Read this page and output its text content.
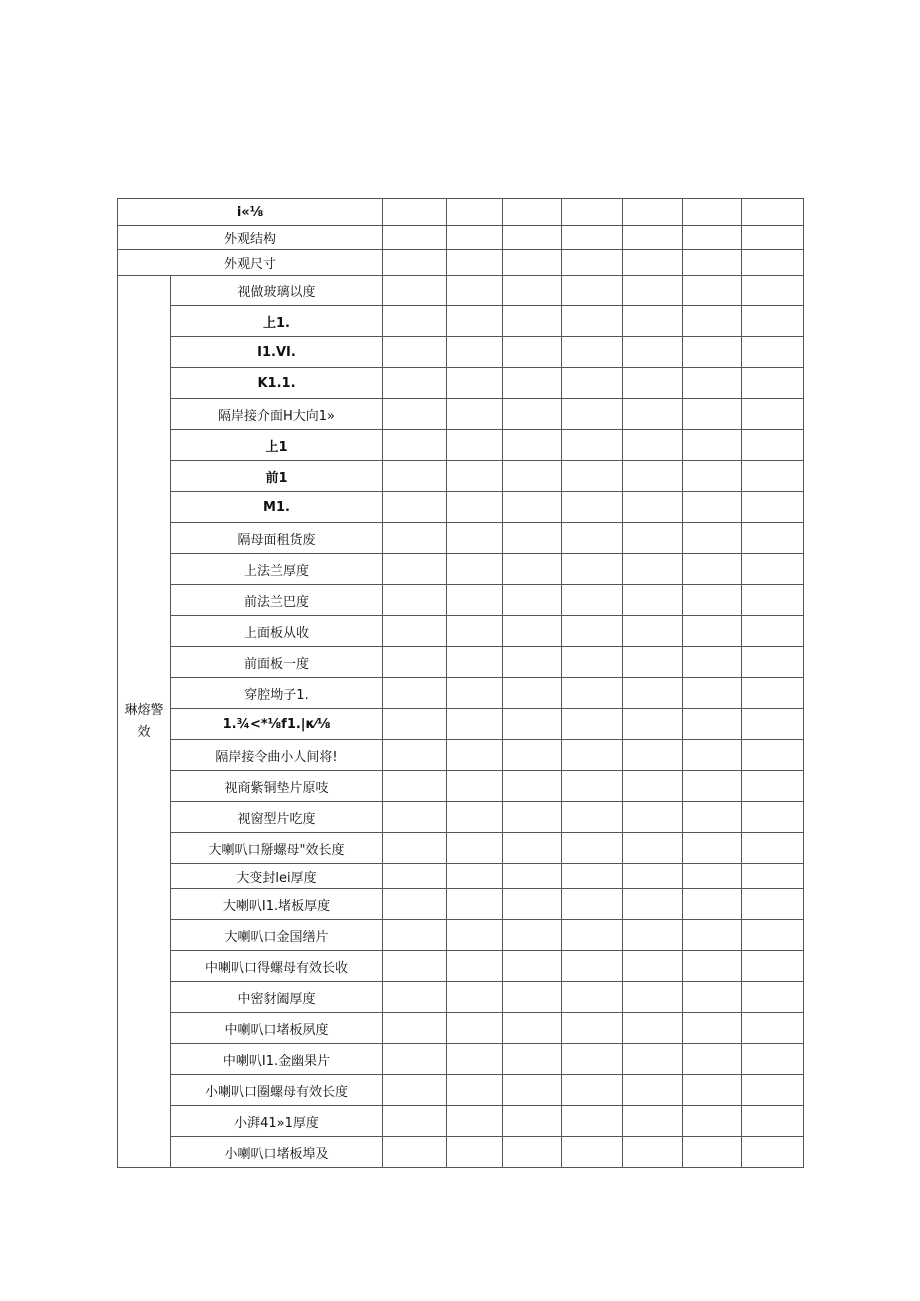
i«⅛								
外观结构								
外观尺寸								
琳熔警效	视做玻璃以度							
	上1.							
	I1.VI.							
	K1.1.							
	隔岸接介面H大向1»							
	上1							
	前1							
	M1.							
	隔母面租货废							
	上法兰厚度							
	前法兰巴度							
	上面板从收							
	前面板一度							
	穿腔坳子1.							
	1.¾<*⅛f1.|κ⁄⅛							
	隔岸接令曲小人间将!							
	视商紫铜垫片原吱							
	视窗型片吃度							
	大喇叭口掰螺母"效长度							
	大变封lei厚度							
	大喇叭I1.堵板厚度							
	大喇叭口金国缮片							
	中喇叭口得螺母有效长收							
	中密豺阖厚度							
	中喇叭口堵板夙度							
	中喇叭I1.金幽果片							
	小喇叭口圈螺母有效长度							
	小湃41»1厚度							
	小喇叭口堵板埠及							
